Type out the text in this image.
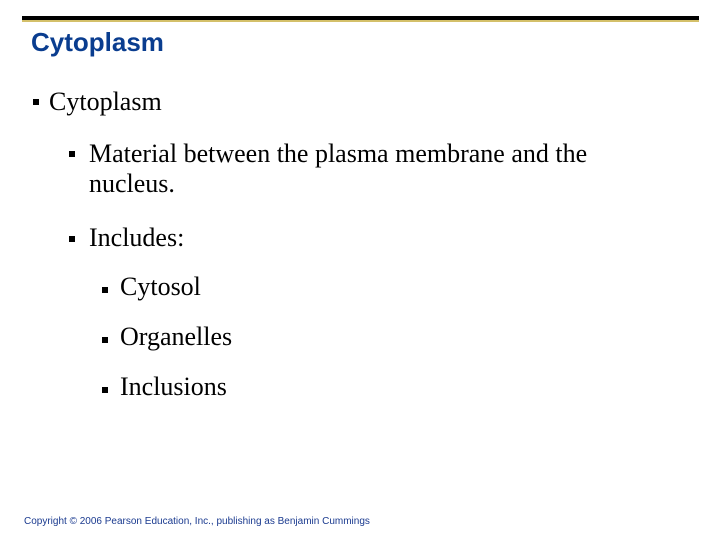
Cytoplasm
Cytoplasm
Material between the plasma membrane and the nucleus.
Includes:
Cytosol
Organelles
Inclusions
Copyright © 2006 Pearson Education, Inc., publishing as Benjamin Cummings
